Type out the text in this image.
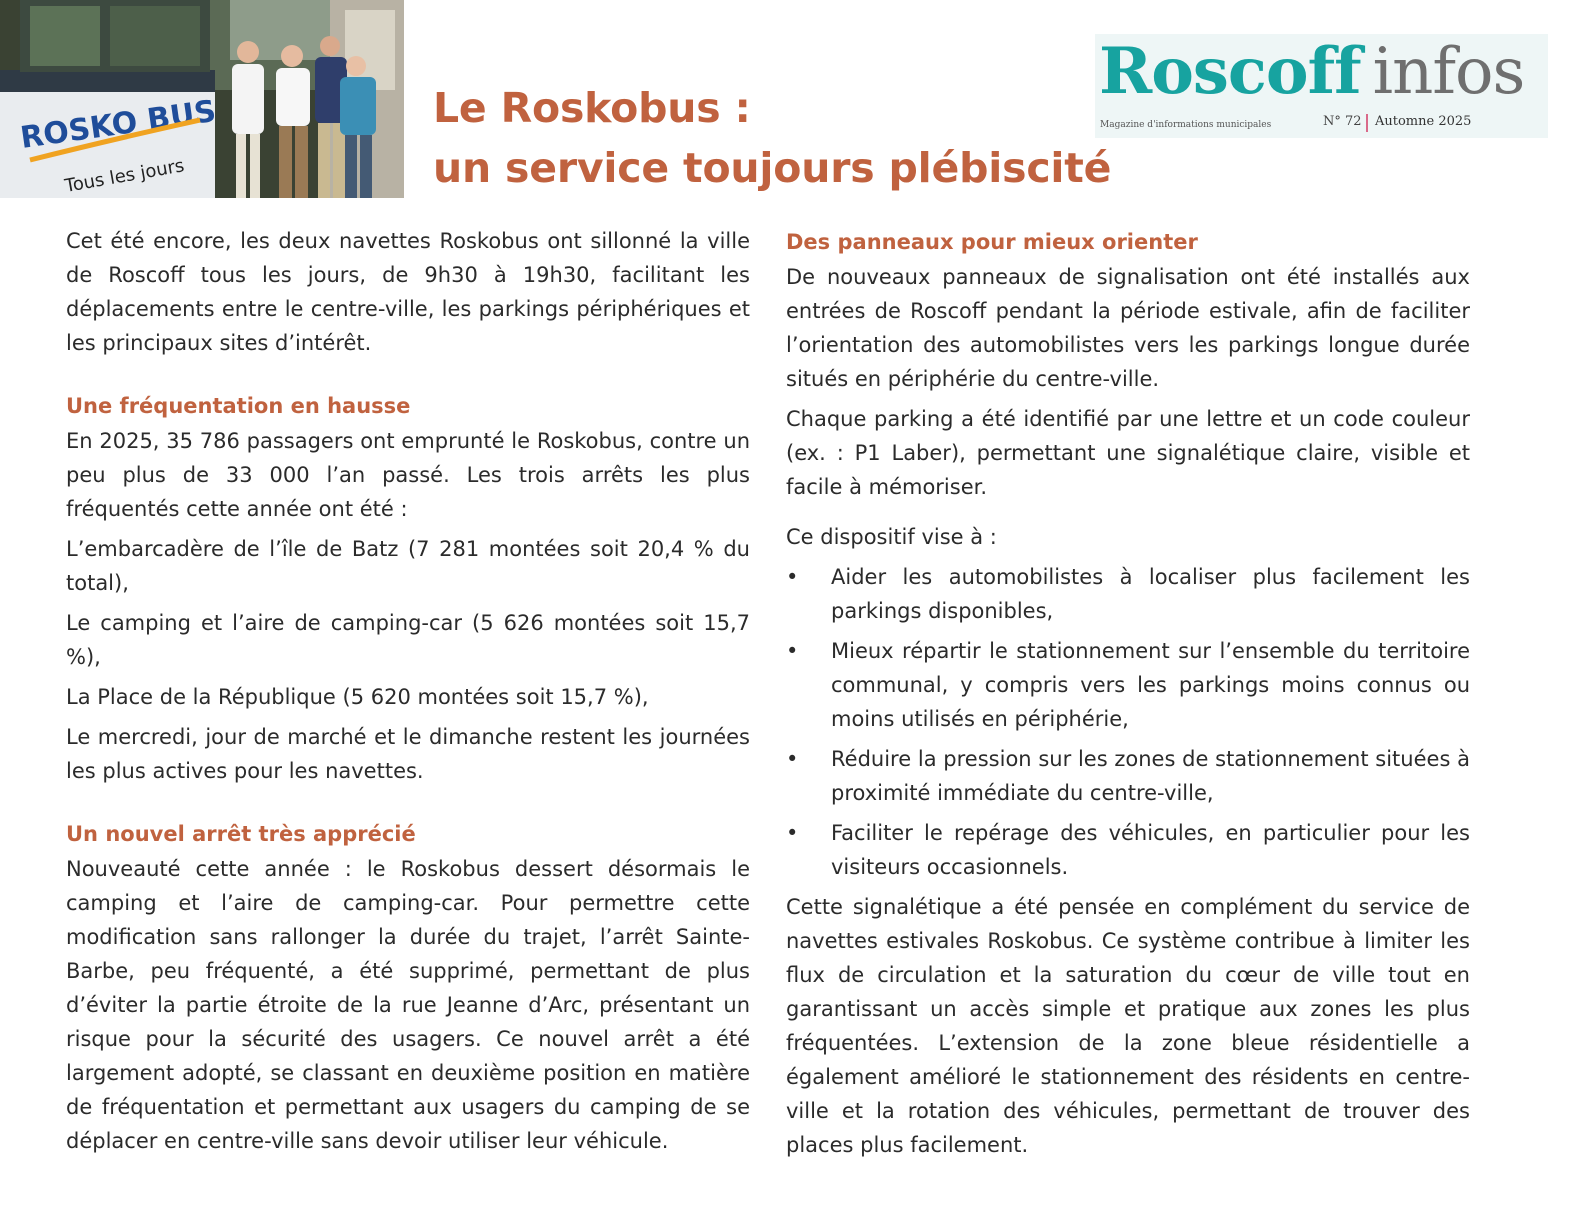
ROSKO BUS
Tous les jours
Le Roskobus :
un service toujours plébiscité
Roscoff infos
Magazine d'informations municipales	N° 72 Automne 2025

Cet été encore, les deux navettes Roskobus ont sillonné la ville de Roscoff tous les jours, de 9h30 à 19h30, facilitant les déplacements entre le centre-ville, les parkings périphériques et les principaux sites d’intérêt.

Une fréquentation en hausse

En 2025, 35 786 passagers ont emprunté le Roskobus, contre un peu plus de 33 000 l’an passé. Les trois arrêts les plus fréquentés cette année ont été :

L’embarcadère de l’île de Batz (7 281 montées soit 20,4 % du total),

Le camping et l’aire de camping-car (5 626 montées soit 15,7 %),

La Place de la République (5 620 montées soit 15,7 %),

Le mercredi, jour de marché et le dimanche restent les journées les plus actives pour les navettes.

Un nouvel arrêt très apprécié

Nouveauté cette année : le Roskobus dessert désormais le camping et l’aire de camping-car. Pour permettre cette modification sans rallonger la durée du trajet, l’arrêt Sainte-Barbe, peu fréquenté, a été supprimé, permettant de plus d’éviter la partie étroite de la rue Jeanne d’Arc, présentant un risque pour la sécurité des usagers. Ce nouvel arrêt a été largement adopté, se classant en deuxième position en matière de fréquentation et permettant aux usagers du camping de se déplacer en centre-ville sans devoir utiliser leur véhicule.

Des panneaux pour mieux orienter

De nouveaux panneaux de signalisation ont été installés aux entrées de Roscoff pendant la période estivale, afin de faciliter l’orientation des automobilistes vers les parkings longue durée situés en périphérie du centre-ville.

Chaque parking a été identifié par une lettre et un code couleur (ex. : P1 Laber), permettant une signalétique claire, visible et facile à mémoriser.

Ce dispositif vise à :

• Aider les automobilistes à localiser plus facilement les parkings disponibles,

• Mieux répartir le stationnement sur l’ensemble du territoire communal, y compris vers les parkings moins connus ou moins utilisés en périphérie,

• Réduire la pression sur les zones de stationnement situées à proximité immédiate du centre-ville,

• Faciliter le repérage des véhicules, en particulier pour les visiteurs occasionnels.

Cette signalétique a été pensée en complément du service de navettes estivales Roskobus. Ce système contribue à limiter les flux de circulation et la saturation du cœur de ville tout en garantissant un accès simple et pratique aux zones les plus fréquentées. L’extension de la zone bleue résidentielle a également amélioré le stationnement des résidents en centre-ville et la rotation des véhicules, permettant de trouver des places plus facilement.
